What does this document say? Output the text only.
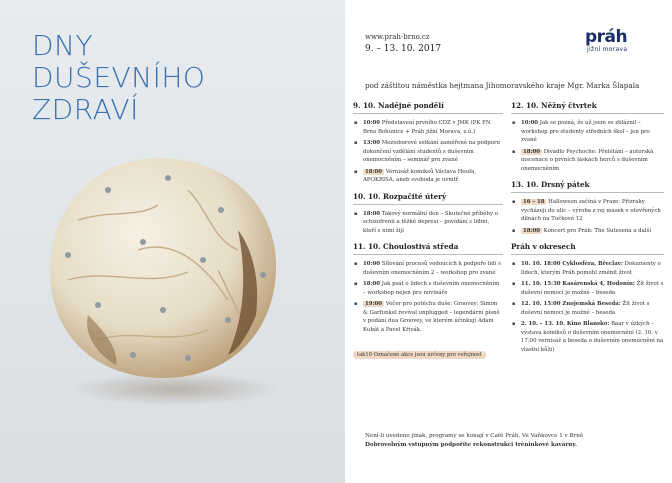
DNY
DUŠEVNÍHO
ZDRAVÍ
www.prah-brno.cz
9. – 13. 10. 2017
práh
jižní morava
pod záštitou náměstka hejtmana Jihomoravského kraje Mgr. Marka Šlapala
9. 10. Nadějné pondělí
▪ 10:00 Představení prvního CDZ v JMK (PK FN Brno Bohunice + Práh jižní Morava, z.ú.)
▪ 13:00 Mezioborové setkání zaměřené na podporu dokončení vzdělání studentů s duševním onemocněním – seminář pro zvané
▪ 18:00 Vernisáž komiksů Václava Houfa, APOKRISA, aneb svoboda je uvnitř
10. 10. Rozpačité úterý
▪ 18:00 Takový normální den – Skutečné příběhy o schizofrenii a těžké depresi – povídání s lidmi, kteří s nimi žijí
11. 10. Choulostivá středa
▪ 10:00 Síťování procesů vedoucích k podpoře lidí s duševním onemocněním 2 – workshop pro zvané
▪ 18:00 Jak psát o lidech s duševním onemocněním – workshop nejen pro novináře
▪ 19:00 Večer pro potěchu duše: Groovey: Simon & Garfunkel revival unplugged – legendární písně v podání dua Groovey, ve kterém účinkují Adam Kubát a Pavel Křivák.
tak10 Označené akce jsou určeny pro veřejnost
12. 10. Něžný čtvrtek
▪ 10:00 Jak se pozná, že už jsem se zbláznil – workshop pro studenty středních škol – jen pro zvané
▪ 18:00 Divadlo Psychoche: Přelétání – autorská inscenace o prvních láskách herců s duševním onemocněním
13. 10. Drsný pátek
▪ 16 – 18 Halloween začíná v Praze: Přizraky vycházejí do ulic – výroba z rej masek v otevřených dílnách na Tučkové 12
▪ 18:00 Koncert pro Práh: The Sutesena a další
Práh v okresech
▪ 10. 10. 18:00 Cyklosféra, Břeclav: Dokumenty o lidech, kterým Práh pomohl změnit život
▪ 11. 10. 15:30 Kasárenská 4, Hodonín: Žít život s duševní nemocí je možné – beseda
▪ 12. 10. 15:00 Znojemská Beseda: Žít život s duševní nemocí je možné – beseda
▪ 2. 10. – 13. 10. Kino Blansko: Baar v úzkých – výstava komiksů o duševním onemocnění (2. 10. v 17:00 vernisáž a beseda o duševním onemocnění na vlastní kůži)
Není-li uvedeno jinak, programy se konají v Café Práh, Ve Vaňkovce 1 v Brně
Dobrovolným vstupným podpoříte rekonstrukci tréninkové kavárny.
